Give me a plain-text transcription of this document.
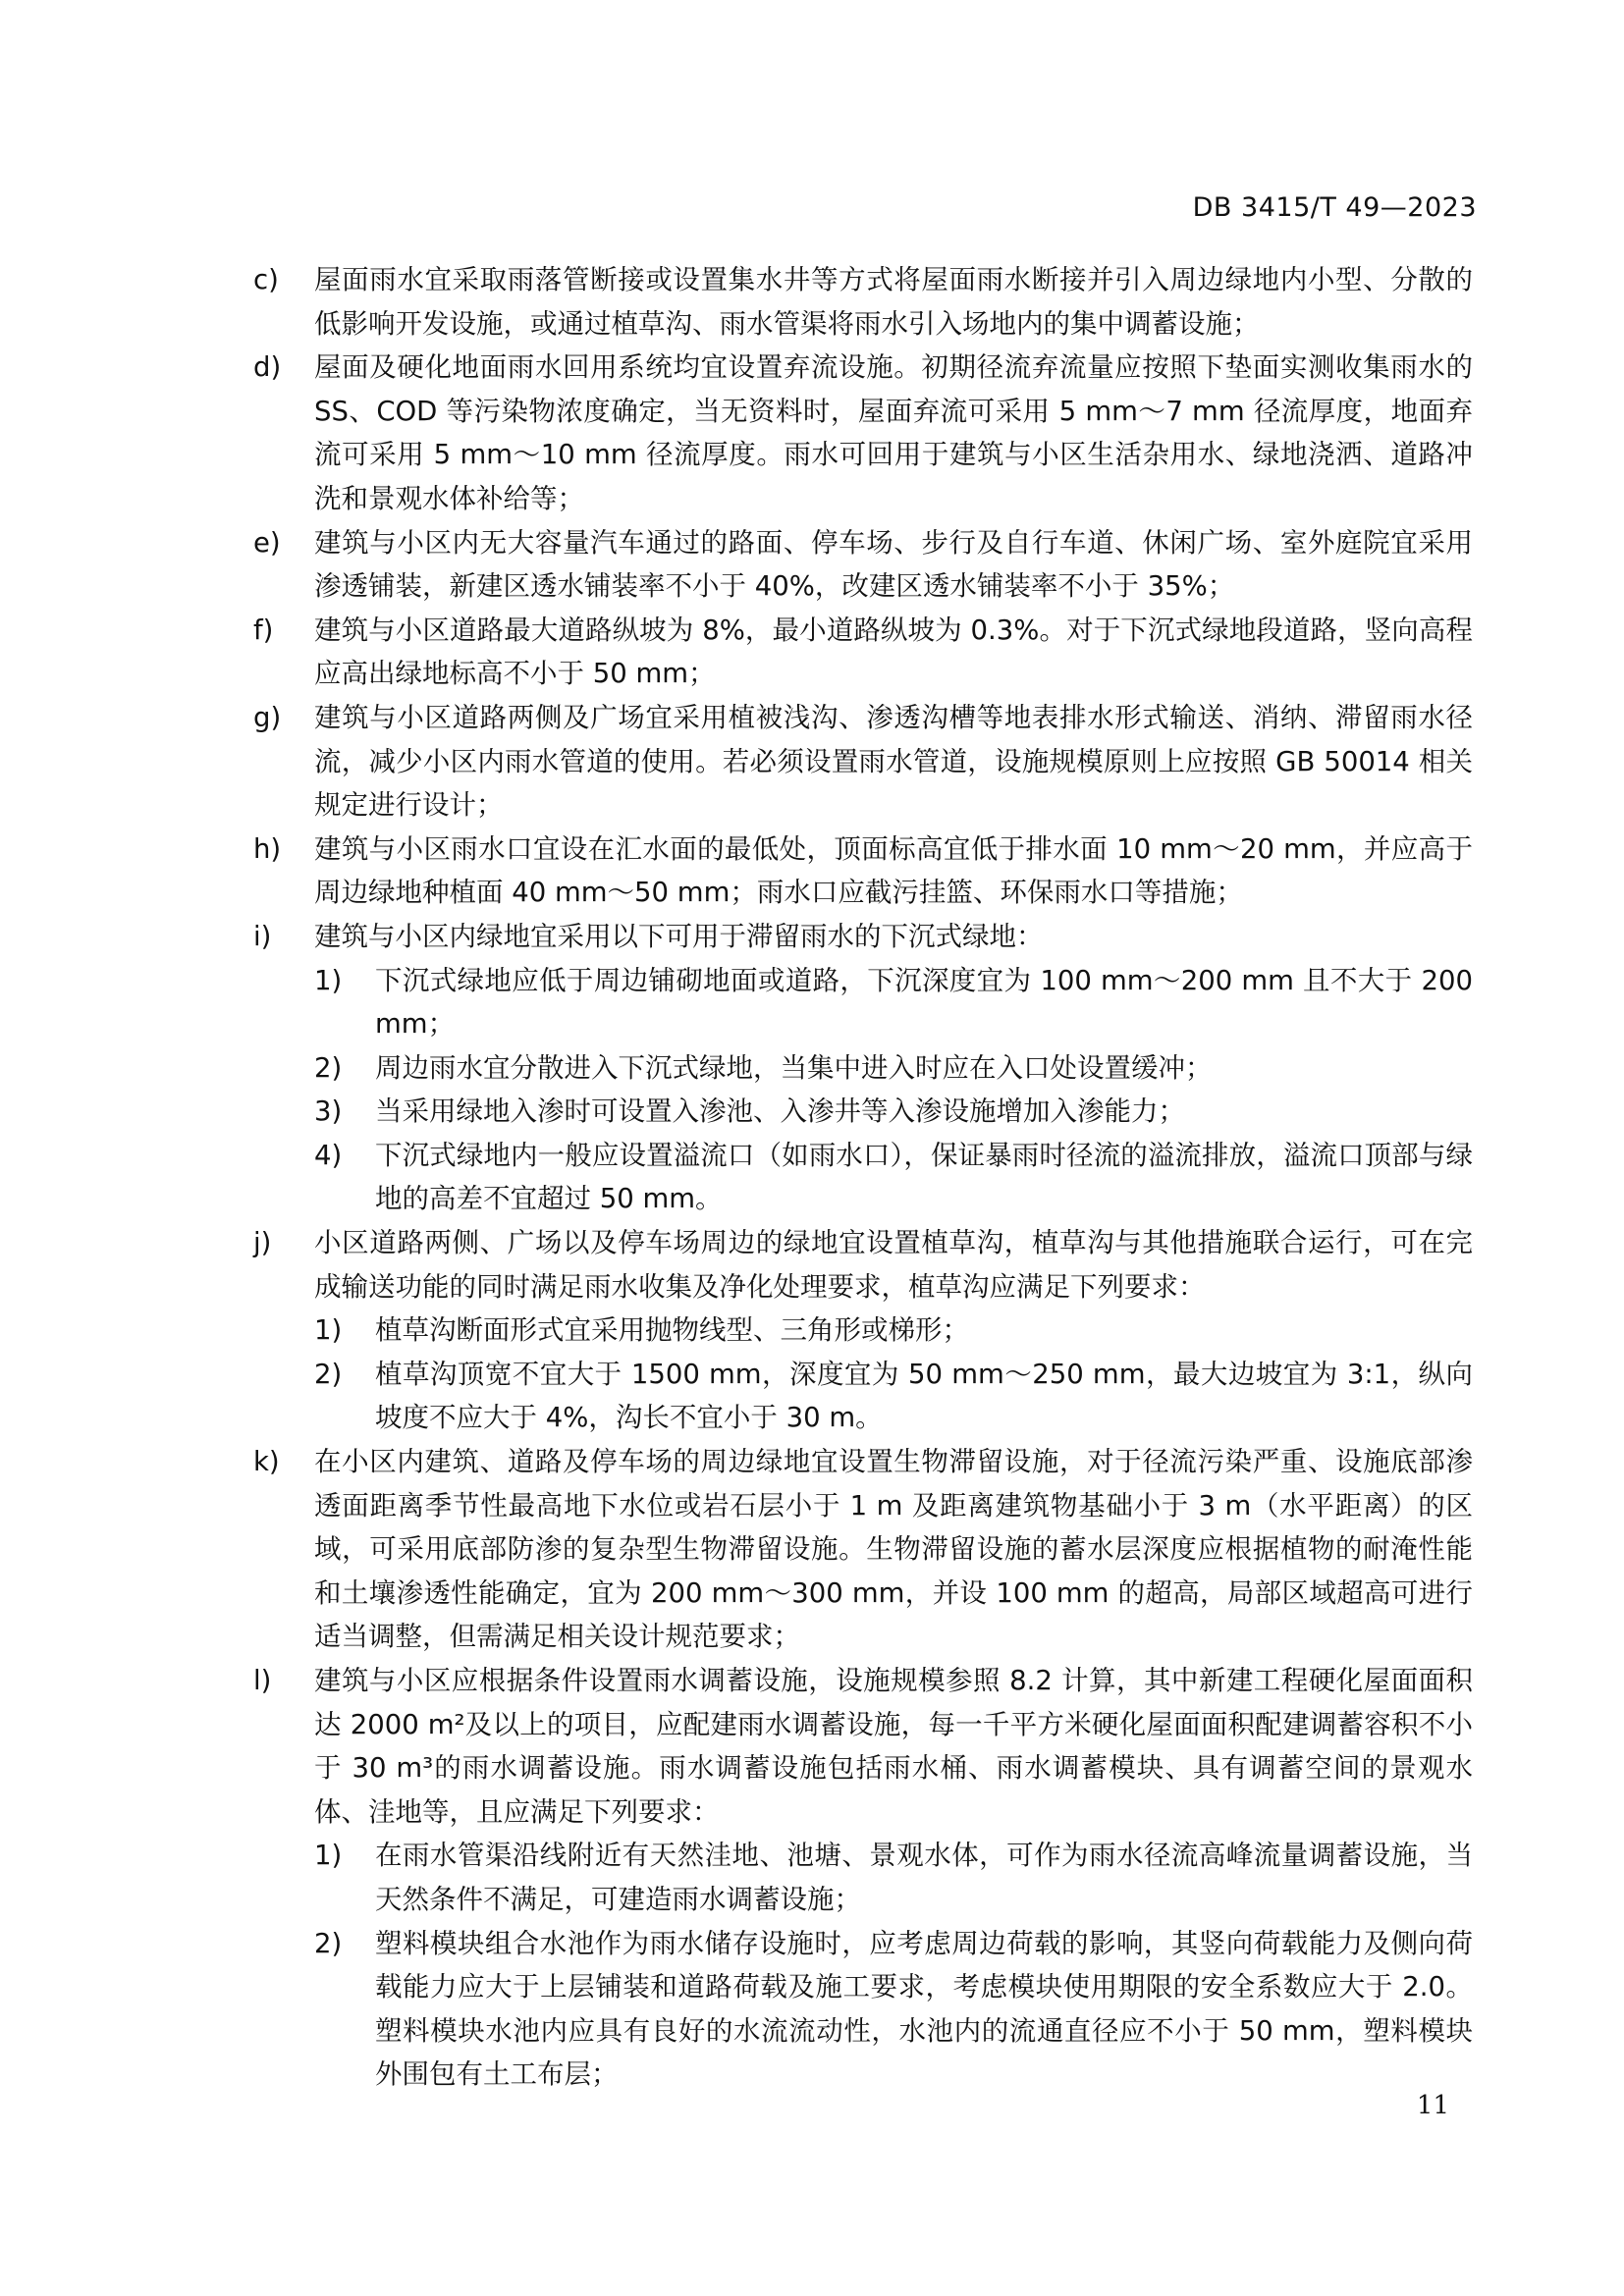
DB 3415/T 49—2023
c) 屋面雨水宜采取雨落管断接或设置集水井等方式将屋面雨水断接并引入周边绿地内小型、分散的低影响开发设施，或通过植草沟、雨水管渠将雨水引入场地内的集中调蓄设施；
d) 屋面及硬化地面雨水回用系统均宜设置弃流设施。初期径流弃流量应按照下垫面实测收集雨水的 SS、COD 等污染物浓度确定，当无资料时，屋面弃流可采用 5 mm～7 mm 径流厚度，地面弃流可采用 5 mm～10 mm 径流厚度。雨水可回用于建筑与小区生活杂用水、绿地浇洒、道路冲洗和景观水体补给等；
e) 建筑与小区内无大容量汽车通过的路面、停车场、步行及自行车道、休闲广场、室外庭院宜采用渗透铺装，新建区透水铺装率不小于 40%，改建区透水铺装率不小于 35%；
f) 建筑与小区道路最大道路纵坡为 8%，最小道路纵坡为 0.3%。对于下沉式绿地段道路，竖向高程应高出绿地标高不小于 50 mm；
g) 建筑与小区道路两侧及广场宜采用植被浅沟、渗透沟槽等地表排水形式输送、消纳、滞留雨水径流，减少小区内雨水管道的使用。若必须设置雨水管道，设施规模原则上应按照 GB 50014 相关规定进行设计；
h) 建筑与小区雨水口宜设在汇水面的最低处，顶面标高宜低于排水面 10 mm～20 mm，并应高于周边绿地种植面 40 mm～50 mm；雨水口应截污挂篮、环保雨水口等措施；
i) 建筑与小区内绿地宜采用以下可用于滞留雨水的下沉式绿地：
1) 下沉式绿地应低于周边铺砌地面或道路，下沉深度宜为 100 mm～200 mm 且不大于 200 mm；
2) 周边雨水宜分散进入下沉式绿地，当集中进入时应在入口处设置缓冲；
3) 当采用绿地入渗时可设置入渗池、入渗井等入渗设施增加入渗能力；
4) 下沉式绿地内一般应设置溢流口（如雨水口），保证暴雨时径流的溢流排放，溢流口顶部与绿地的高差不宜超过 50 mm。
j) 小区道路两侧、广场以及停车场周边的绿地宜设置植草沟，植草沟与其他措施联合运行，可在完成输送功能的同时满足雨水收集及净化处理要求，植草沟应满足下列要求：
1) 植草沟断面形式宜采用抛物线型、三角形或梯形；
2) 植草沟顶宽不宜大于 1500 mm，深度宜为 50 mm～250 mm，最大边坡宜为 3:1，纵向坡度不应大于 4%，沟长不宜小于 30 m。
k) 在小区内建筑、道路及停车场的周边绿地宜设置生物滞留设施，对于径流污染严重、设施底部渗透面距离季节性最高地下水位或岩石层小于 1 m 及距离建筑物基础小于 3 m（水平距离）的区域，可采用底部防渗的复杂型生物滞留设施。生物滞留设施的蓄水层深度应根据植物的耐淹性能和土壤渗透性能确定，宜为 200 mm～300 mm，并设 100 mm 的超高，局部区域超高可进行适当调整，但需满足相关设计规范要求；
l) 建筑与小区应根据条件设置雨水调蓄设施，设施规模参照 8.2 计算，其中新建工程硬化屋面面积达 2000 m²及以上的项目，应配建雨水调蓄设施，每一千平方米硬化屋面面积配建调蓄容积不小于 30 m³的雨水调蓄设施。雨水调蓄设施包括雨水桶、雨水调蓄模块、具有调蓄空间的景观水体、洼地等，且应满足下列要求：
1) 在雨水管渠沿线附近有天然洼地、池塘、景观水体，可作为雨水径流高峰流量调蓄设施，当天然条件不满足，可建造雨水调蓄设施；
2) 塑料模块组合水池作为雨水储存设施时，应考虑周边荷载的影响，其竖向荷载能力及侧向荷载能力应大于上层铺装和道路荷载及施工要求，考虑模块使用期限的安全系数应大于 2.0。塑料模块水池内应具有良好的水流流动性，水池内的流通直径应不小于 50 mm，塑料模块外围包有土工布层；
11
